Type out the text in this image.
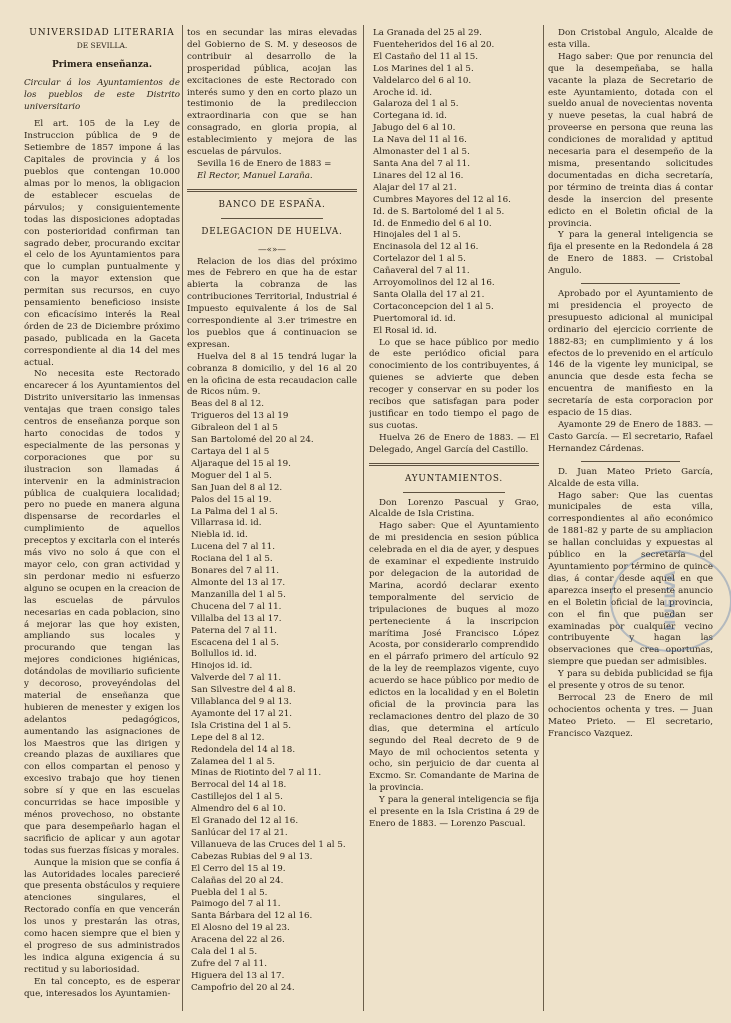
UNIVERSIDAD LITERARIA
DE SEVILLA.
Primera enseñanza.
Circular á los Ayuntamientos de los pueblos de este Distrito universitario

El art. 105 de la Ley de Instruccion pública de 9 de Setiembre de 1857 impone á las Capitales de provincia y á los pueblos que contengan 10.000 almas por lo menos, la obligacion de establecer escuelas de párvulos; y consiguientemente todas las disposiciones adoptadas con posterioridad confirman tan sagrado deber, procurando excitar el celo de los Ayuntamientos para que lo cumplan puntualmente y con la mayor extension que permitan sus recursos, en cuyo pensamiento beneficioso insiste con eficacísimo interés la Real órden de 23 de Diciembre próximo pasado, publicada en la Gaceta correspondiente al dia 14 del mes actual.

No necesita este Rectorado encarecer á los Ayuntamientos del Distrito universitario las inmensas ventajas que traen consigo tales centros de enseñanza porque son harto conocidas de todos y especialmente de las personas y corporaciones que por su ilustracion son llamadas á intervenir en la administracion pública de cualquiera localidad; pero no puede en manera alguna dispensarse de recordarles el cumplimiento de aquellos preceptos y excitarla con el interés más vivo no solo á que con el mayor celo, con gran actividad y sin perdonar medio ni esfuerzo alguno se ocupen en la creacion de las escuelas de párvulos necesarias en cada poblacion, sino á mejorar las que hoy existen, ampliando sus locales y procurando que tengan las mejores condiciones higiénicas, dotándolas de moviliario suficiente y decoroso, proveyéndolas del material de enseñanza que hubieren de menester y exigen los adelantos pedagógicos, aumentando las asignaciones de los Maestros que las dirigen y creando plazas de auxiliares que con ellos compartan el penoso y excesivo trabajo que hoy tienen sobre sí y que en las escuelas concurridas se hace imposible y ménos provechoso, no obstante que para desempeñarlo hagan el sacrificio de aplicar y aun agotar todas sus fuerzas físicas y morales.

Aunque la mision que se confía á las Autoridades locales parecieré que presenta obstáculos y requiere atenciones singulares, el Rectorado confía en que vencerán los unos y prestarán las otras, como hacen siempre que el bien y el progreso de sus administrados les indica alguna exigencia á su rectitud y su laboriosidad.

En tal concepto, es de esperar que, interesados los Ayuntamien-

tos en secundar las miras elevadas del Gobierno de S. M. y deseosos de contribuir al desarrollo de la prosperidad pública, acojan las excitaciones de este Rectorado con interés sumo y den en corto plazo un testimonio de la predileccion extraordinaria con que se han consagrado, en gloria propia, al establecimiento y mejora de las escuelas de párvulos.

Sevilla 16 de Enero de 1883 =

El Rector, Manuel Laraña.

BANCO DE ESPAÑA.
DELEGACION DE HUELVA.
—«»—

Relacion de los dias del próximo mes de Febrero en que ha de estar abierta la cobranza de las contribuciones Territorial, Industrial é Impuesto equivalente á los de Sal correspondiente al 3.er trimestre en los pueblos que á continuacion se expresan.

Huelva del 8 al 15 tendrá lugar la cobranza 8 domicilio, y del 16 al 20 en la oficina de esta recaudacion calle de Ricos núm. 9.

Beas del 8 al 12.
Trigueros del 13 al 19
Gibraleon del 1 al 5
San Bartolomé del 20 al 24.
Cartaya del 1 al 5
Aljaraque del 15 al 19.
Moguer del 1 al 5.
San Juan del 8 al 12.
Palos del 15 al 19.
La Palma del 1 al 5.
Villarrasa id. id.
Niebla id. id.
Lucena del 7 al 11.
Rociana del 1 al 5.
Bonares del 7 al 11.
Almonte del 13 al 17.
Manzanilla del 1 al 5.
Chucena del 7 al 11.
Villalba del 13 al 17.
Paterna del 7 al 11.
Escacena del 1 al 5.
Bollullos id. id.
Hinojos id. id.
Valverde del 7 al 11.
San Silvestre del 4 al 8.
Villablanca del 9 al 13.
Ayamonte del 17 al 21.
Isla Cristina del 1 al 5.
Lepe del 8 al 12.
Redondela del 14 al 18.
Zalamea del 1 al 5.
Minas de Riotinto del 7 al 11.
Berrocal del 14 al 18.
Castillejos del 1 al 5.
Almendro del 6 al 10.
El Granado del 12 al 16.
Sanlúcar del 17 al 21.
Villanueva de las Cruces del 1 al 5.
Cabezas Rubias del 9 al 13.
El Cerro del 15 al 19.
Calañas del 20 al 24.
Puebla del 1 al 5.
Paimogo del 7 al 11.
Santa Bárbara del 12 al 16.
El Alosno del 19 al 23.
Aracena del 22 al 26.
Cala del 1 al 5.
Zufre del 7 al 11.
Higuera del 13 al 17.
Campofrio del 20 al 24.
La Granada del 25 al 29.
Fuenteheridos del 16 al 20.
El Castaño del 11 al 15.
Los Marines del 1 al 5.
Valdelarco del 6 al 10.
Aroche id. id.
Galaroza del 1 al 5.
Cortegana id. id.
Jabugo del 6 al 10.
La Nava del 11 al 16.
Almonaster del 1 al 5.
Santa Ana del 7 al 11.
Linares del 12 al 16.
Alajar del 17 al 21.
Cumbres Mayores del 12 al 16.
Id. de S. Bartolomé del 1 al 5.
Id. de Enmedio del 6 al 10.
Hinojales del 1 al 5.
Encinasola del 12 al 16.
Cortelazor del 1 al 5.
Cañaveral del 7 al 11.
Arroyomolinos del 12 al 16.
Santa Olalla del 17 al 21.
Cortaconcepcion del 1 al 5.
Puertomoral id. id.
El Rosal id. id.

Lo que se hace público por medio de este periódico oficial para conocimiento de los contribuyentes, á quienes se advierte que deben recoger y conservar en su poder los recibos que satisfagan para poder justificar en todo tiempo el pago de sus cuotas.

Huelva 26 de Enero de 1883. — El Delegado, Angel García del Castillo.

AYUNTAMIENTOS.

Don Lorenzo Pascual y Grao, Alcalde de Isla Cristina.

Hago saber: Que el Ayuntamiento de mi presidencia en sesion pública celebrada en el dia de ayer, y despues de examinar el expediente instruido por delegacion de la autoridad de Marina, acordó declarar exento temporalmente del servicio de tripulaciones de buques al mozo perteneciente á la inscripcion marítima José Francisco López Acosta, por considerarlo comprendido en el párrafo primero del artículo 92 de la ley de reemplazos vigente, cuyo acuerdo se hace público por medio de edictos en la localidad y en el Boletin oficial de la provincia para las reclamaciones dentro del plazo de 30 dias, que determina el artículo segundo del Real decreto de 9 de Mayo de mil ochocientos setenta y ocho, sin perjuicio de dar cuenta al Excmo. Sr. Comandante de Marina de la provincia.

Y para la general inteligencia se fija el presente en la Isla Cristina á 29 de Enero de 1883. — Lorenzo Pascual.

Don Cristobal Angulo, Alcalde de esta villa.

Hago saber: Que por renuncia del que la desempeñaba, se halla vacante la plaza de Secretario de este Ayuntamiento, dotada con el sueldo anual de novecientas noventa y nueve pesetas, la cual habrá de proveerse en persona que reuna las condiciones de moralidad y aptitud necesaria para el desempeño de la misma, presentando solicitudes documentadas en dicha secretaría, por término de treinta dias á contar desde la insercion del presente edicto en el Boletin oficial de la provincia.

Y para la general inteligencia se fija el presente en la Redondela á 28 de Enero de 1883. — Cristobal Angulo.

Aprobado por el Ayuntamiento de mi presidencia el proyecto de presupuesto adicional al municipal ordinario del ejercicio corriente de 1882-83; en cumplimiento y á los efectos de lo prevenido en el artículo 146 de la vigente ley municipal, se anuncia que desde esta fecha se encuentra de manifiesto en la secretaría de esta corporacion por espacio de 15 dias.

Ayamonte 29 de Enero de 1883. — Casto García. — El secretario, Rafael Hernandez Cárdenas.

D. Juan Mateo Prieto García, Alcalde de esta villa.

Hago saber: Que las cuentas municipales de esta villa, correspondientes al año económico de 1881-82 y parte de su ampliacion se hallan concluidas y expuestas al público en la secretaría del Ayuntamiento por término de quince dias, á contar desde aquel en que aparezca inserto el presente anuncio en el Boletin oficial de la provincia, con el fin que puedan ser examinadas por cualquier vecino contribuyente y hagan las observaciones que crea oportunas, siempre que puedan ser admisibles.

Y para su debida publicidad se fija el presente y otros de su tenor.

Berrocal 23 de Enero de mil ochocientos ochenta y tres. — Juan Mateo Prieto. — El secretario, Francisco Vazquez.

HUELVA
